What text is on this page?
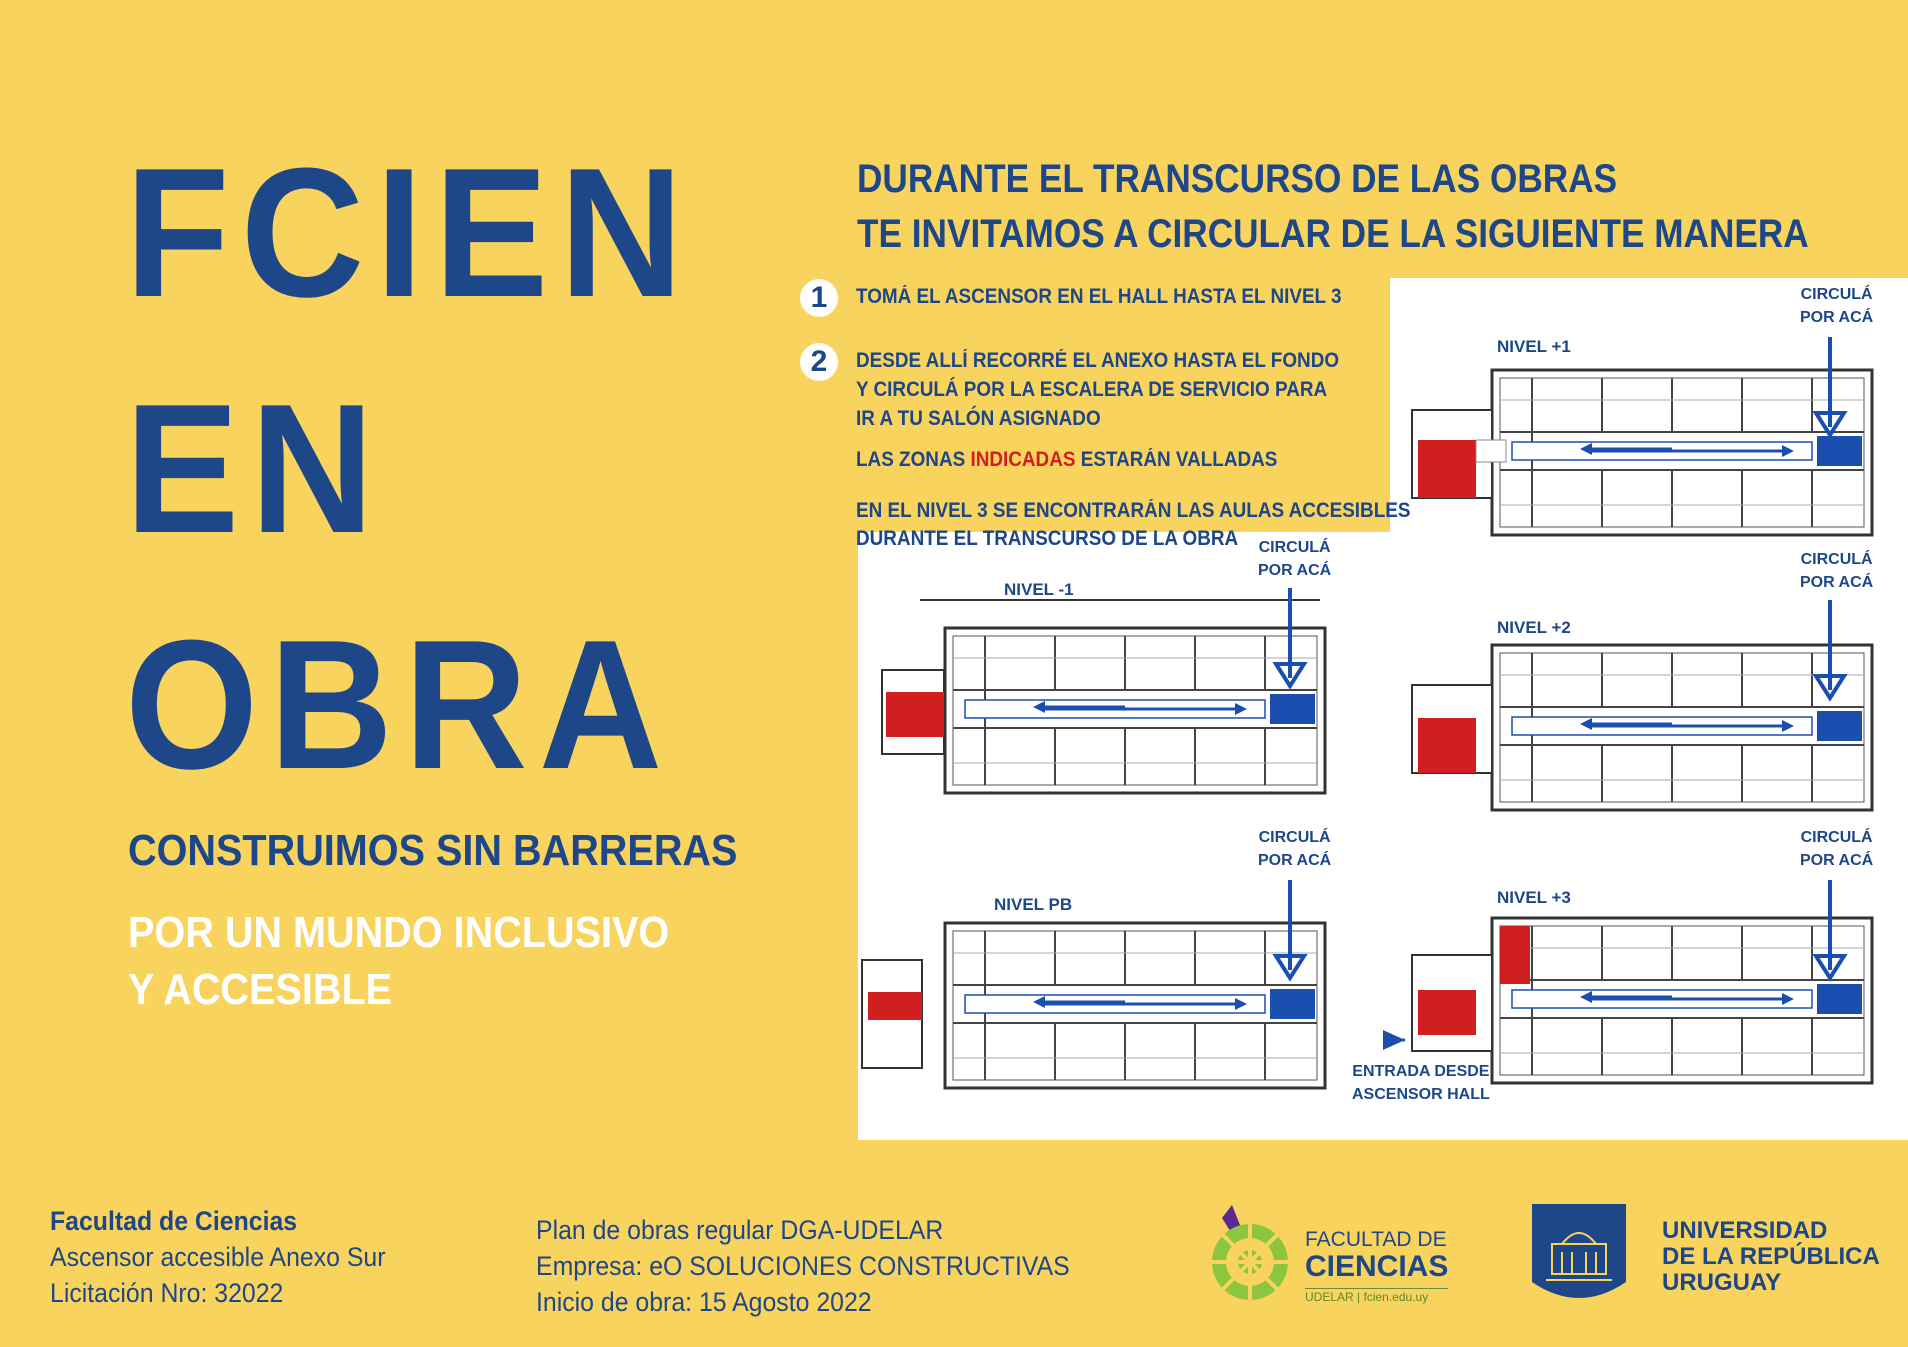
FCIEN
EN
OBRA
CONSTRUIMOS SIN BARRERAS
POR UN MUNDO INCLUSIVO
Y ACCESIBLE
DURANTE EL TRANSCURSO DE LAS OBRAS
TE INVITAMOS A CIRCULAR DE LA SIGUIENTE MANERA
1	TOMÁ EL ASCENSOR EN EL HALL HASTA EL NIVEL 3
2	DESDE ALLÍ RECORRÉ EL ANEXO HASTA EL FONDO
Y CIRCULÁ POR LA ESCALERA DE SERVICIO PARA
IR A TU SALÓN ASIGNADO
LAS ZONAS INDICADAS ESTARÁN VALLADAS
EN EL NIVEL 3 SE ENCONTRARÁN LAS AULAS ACCESIBLES
DURANTE EL TRANSCURSO DE LA OBRA
NIVEL +1
NIVEL -1
NIVEL +2
NIVEL PB	NIVEL +3
CIRCULÁ
POR ACÁ
CIRCULÁ
POR ACÁ
CIRCULÁ
POR ACÁ
CIRCULÁ
POR ACÁ
CIRCULÁ
POR ACÁ
ENTRADA DESDE
ASCENSOR HALL
Facultad de Ciencias
Ascensor accesible Anexo Sur
Licitación Nro: 32022
Plan de obras regular DGA-UDELAR
Empresa: eO SOLUCIONES CONSTRUCTIVAS
Inicio de obra: 15 Agosto 2022
FACULTAD DE
CIENCIAS
UDELAR | fcien.edu.uy
UNIVERSIDAD
DE LA REPÚBLICA
URUGUAY
